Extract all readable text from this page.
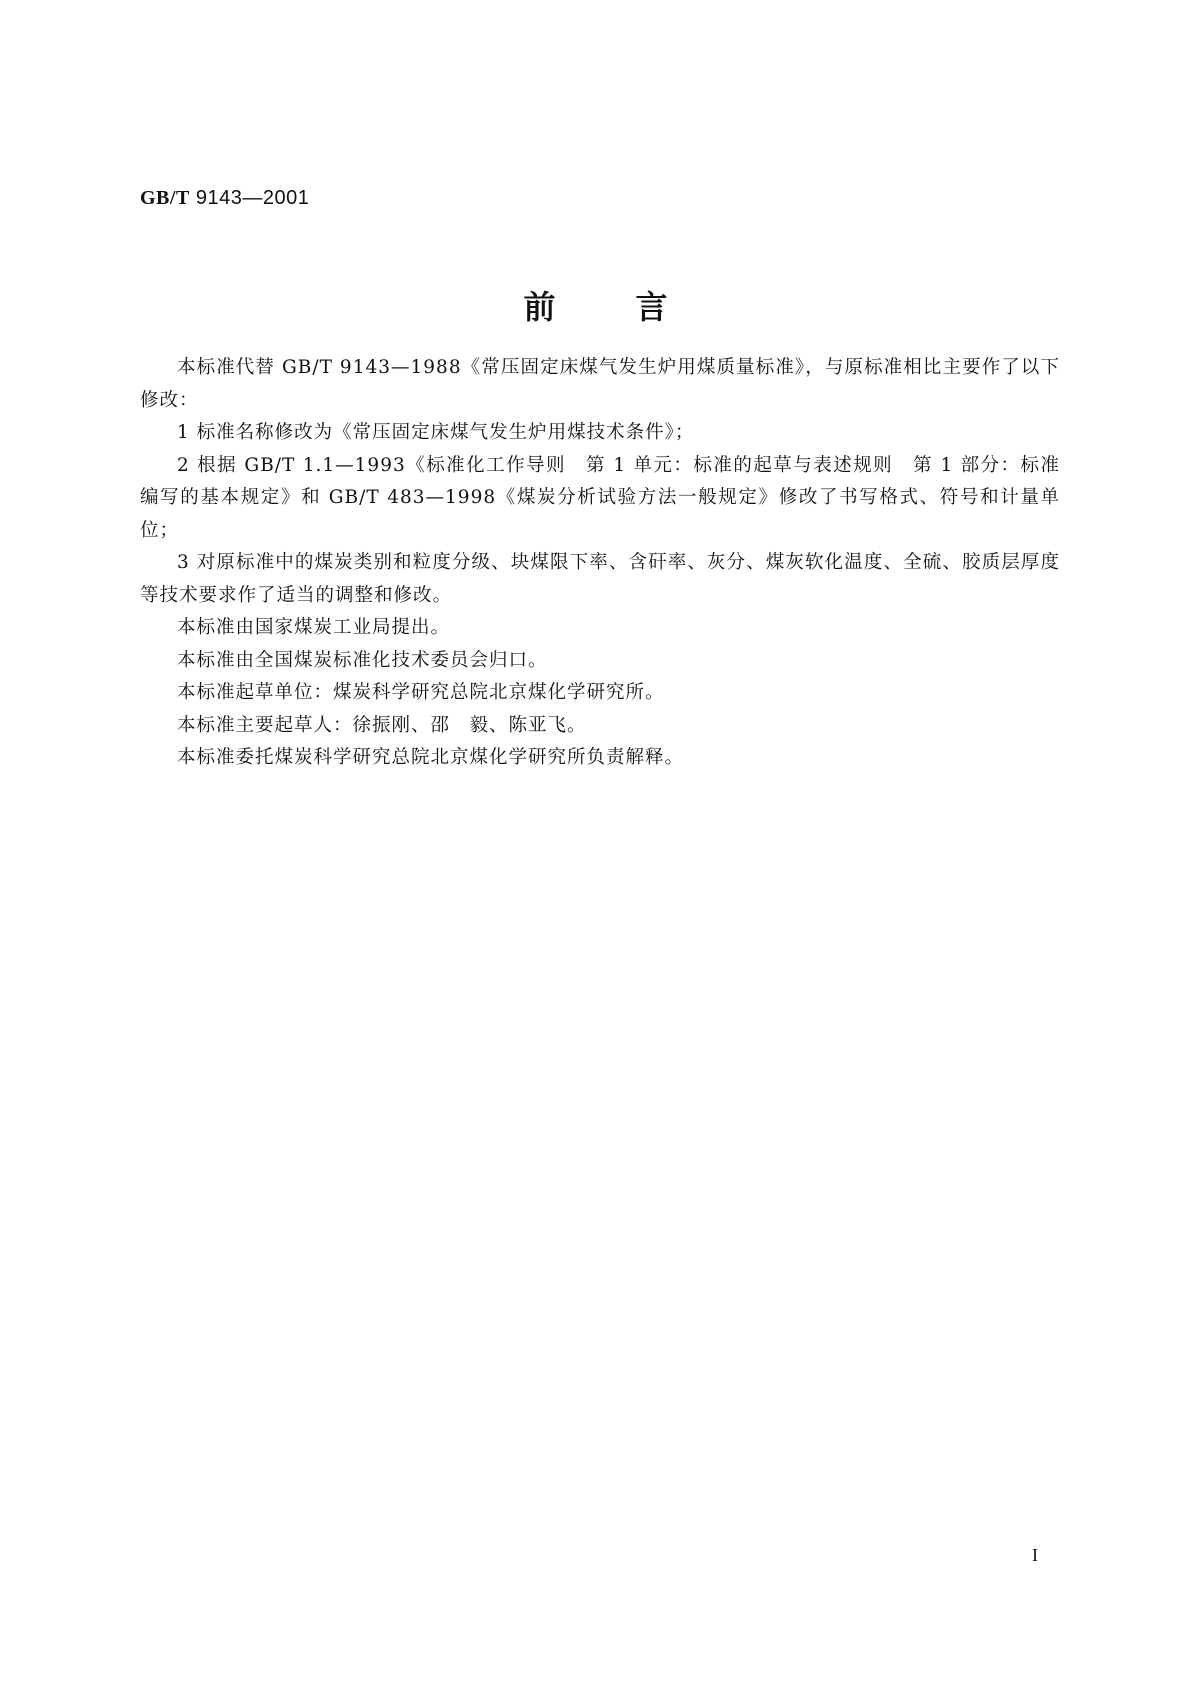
GB/T 9143—2001
前言

本标准代替 GB/T 9143—1988《常压固定床煤气发生炉用煤质量标准》，与原标准相比主要作了以下修改：

1 标准名称修改为《常压固定床煤气发生炉用煤技术条件》；

2 根据 GB/T 1.1—1993《标准化工作导则　第 1 单元：标准的起草与表述规则　第 1 部分：标准编写的基本规定》和 GB/T 483—1998《煤炭分析试验方法一般规定》修改了书写格式、符号和计量单位；

3 对原标准中的煤炭类别和粒度分级、块煤限下率、含矸率、灰分、煤灰软化温度、全硫、胶质层厚度等技术要求作了适当的调整和修改。

本标准由国家煤炭工业局提出。

本标准由全国煤炭标准化技术委员会归口。

本标准起草单位：煤炭科学研究总院北京煤化学研究所。

本标准主要起草人：徐振刚、邵　毅、陈亚飞。

本标准委托煤炭科学研究总院北京煤化学研究所负责解释。

I
